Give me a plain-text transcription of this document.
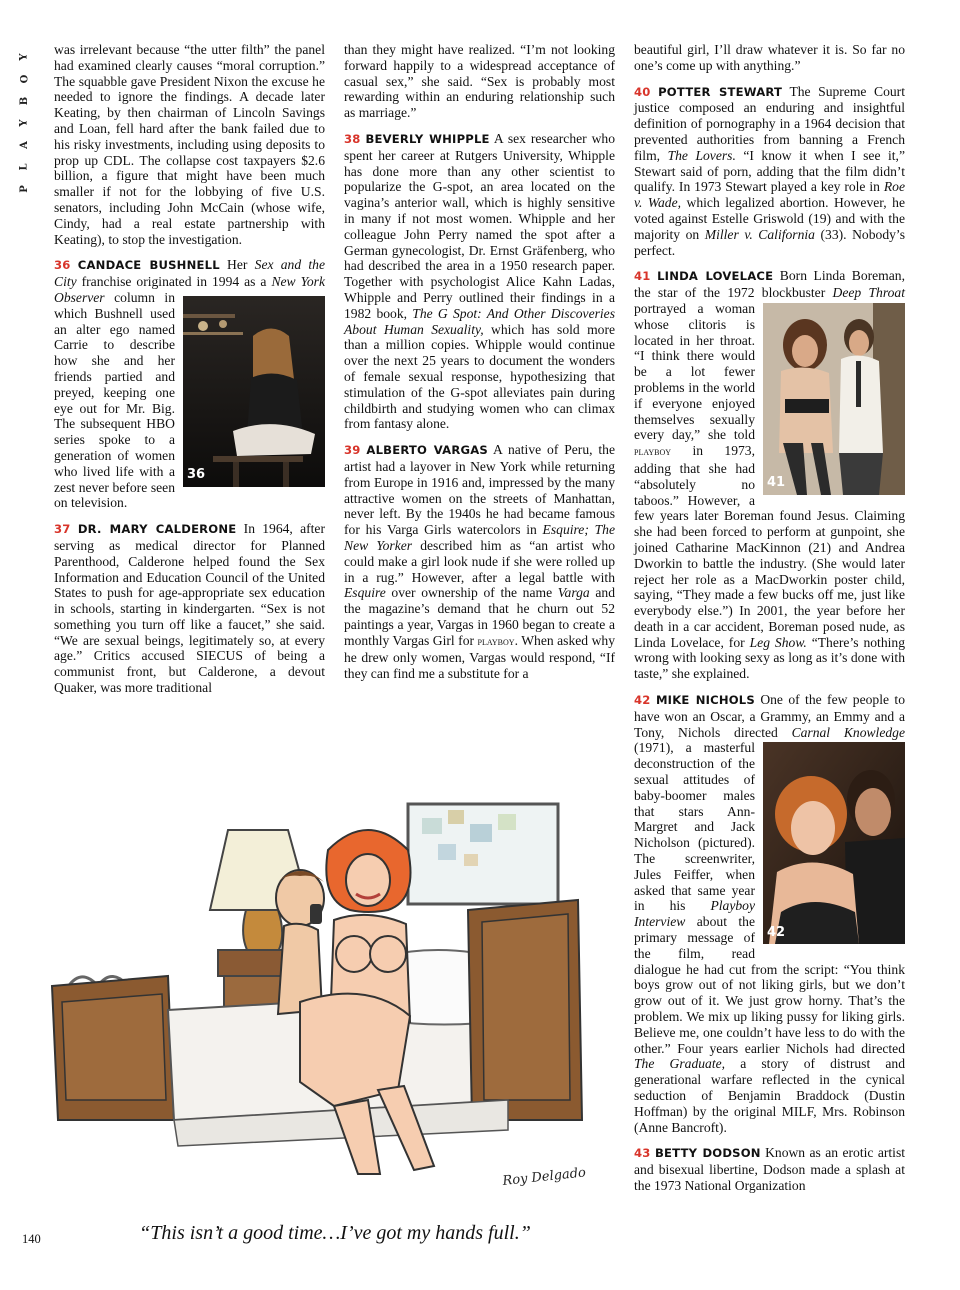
P
L
A
Y
B
O
Y	was irrelevant because “the utter filth” the panel had examined clearly causes “moral corruption.” The squabble gave President Nixon the excuse he needed to ignore the findings. A decade later Keating, by then chairman of Lincoln Savings and Loan, fell hard after the bank failed due to his risky investments, including using deposits to prop up CDL. The collapse cost taxpayers $2.6 billion, a figure that might have been much smaller if not for the lobbying of five U.S. senators, including John McCain (whose wife, Cindy, had a real estate partnership with Keating), to stop the investigation.

36 CANDACE BUSHNELL Her Sex and the City franchise originated in 1994 as a New York Observer
36
column in which Bushnell used an alter ego named Carrie to describe how she and her friends partied and preyed, keeping one eye out for Mr. Big. The subsequent HBO series spoke to a generation of women who lived life with a zest never before seen on television.

37 DR. MARY CALDERONE In 1964, after serving as medical director for Planned Parenthood, Calderone helped found the Sex Information and Education Council of the United States to push for age-appropriate sex education in schools, starting in kindergarten. “Sex is not something you turn off like a faucet,” she said. “We are sexual beings, legitimately so, at every age.” Critics accused SIECUS of being a communist front, but Calderone, a devout Quaker, was more traditional

than they might have realized. “I’m not looking forward happily to a widespread acceptance of casual sex,” she said. “Sex is probably most rewarding within an enduring relationship such as marriage.”

38 BEVERLY WHIPPLE A sex researcher who spent her career at Rutgers University, Whipple has done more than any other scientist to popularize the G-spot, an area located on the vagina’s anterior wall, which is highly sensitive in many if not most women. Whipple and her colleague John Perry named the spot after a German gynecologist, Dr. Ernst Gräfenberg, who had described the area in a 1950 research paper. Together with psychologist Alice Kahn Ladas, Whipple and Perry outlined their findings in a 1982 book, The G Spot: And Other Discoveries About Human Sexuality, which has sold more than a million copies. Whipple would continue over the next 25 years to document the wonders of female sexual response, hypothesizing that stimulation of the G-spot alleviates pain during childbirth and studying women who can climax from fantasy alone.

39 ALBERTO VARGAS A native of Peru, the artist had a layover in New York while returning from Europe in 1916 and, impressed by the many attractive women on the streets of Manhattan, never left. By the 1940s he had became famous for his Varga Girls watercolors in Esquire; The New Yorker described him as “an artist who could make a girl look nude if she were rolled up in a rug.” However, after a legal battle with Esquire over ownership of the name Varga and the magazine’s demand that he churn out 52 paintings a year, Vargas in 1960 began to create a monthly Vargas Girl for playboy. When asked why he drew only women, Vargas would respond, “If they can find me a substitute for a

beautiful girl, I’ll draw whatever it is. So far no one’s come up with anything.”

40 POTTER STEWART The Supreme Court justice composed an enduring and insightful definition of pornography in a 1964 decision that prevented authorities from banning a French film, The Lovers. “I know it when I see it,” Stewart said of porn, adding that the film didn’t qualify. In 1973 Stewart played a key role in Roe v. Wade, which legalized abortion. However, he voted against Estelle Griswold (19) and with the majority on Miller v. California (33). Nobody’s perfect.

41 LINDA LOVELACE Born Linda Boreman, the star of the 1972 blockbuster Deep Throat
41
portrayed a woman whose clitoris is located in her throat. “I think there would be a lot fewer problems in the world if everyone enjoyed themselves sexually every day,” she told playboy in 1973, adding that she had “absolutely no taboos.” However, a few years later Boreman found Jesus. Claiming she had been forced to perform at gunpoint, she joined Catharine MacKinnon (21) and Andrea Dworkin to battle the industry. (She would later reject her role as a MacDworkin poster child, saying, “They made a few bucks off me, just like everybody else.”) In 2001, the year before her death in a car accident, Boreman posed nude, as Linda Lovelace, for Leg Show. “There’s nothing wrong with looking sexy as long as it’s done with taste,” she explained.

42 MIKE NICHOLS One of the few people to have won an Oscar, a Grammy, an Emmy and a Tony, Nichols directed Carnal Knowledge
42
(1971), a masterful deconstruction of the sexual attitudes of baby-boomer males that stars Ann-Margret and Jack Nicholson (pictured). The screenwriter, Jules Feiffer, when asked that same year in his Playboy Interview about the primary message of the film, read dialogue he had cut from the script: “You think boys grow out of not liking girls, but we don’t grow out of it. We just grow horny. That’s the problem. We mix up liking pussy for liking girls. Believe me, one couldn’t have less to do with the other.” Four years earlier Nichols had directed The Graduate, a story of distrust and generational warfare reflected in the cynical seduction of Benjamin Braddock (Dustin Hoffman) by the original MILF, Mrs. Robinson (Anne Bancroft).

43 BETTY DODSON Known as an erotic artist and bisexual libertine, Dodson made a splash at the 1973 National Organization

Roy Delgado
“This isn’t a good time…I’ve got my hands full.”
140
